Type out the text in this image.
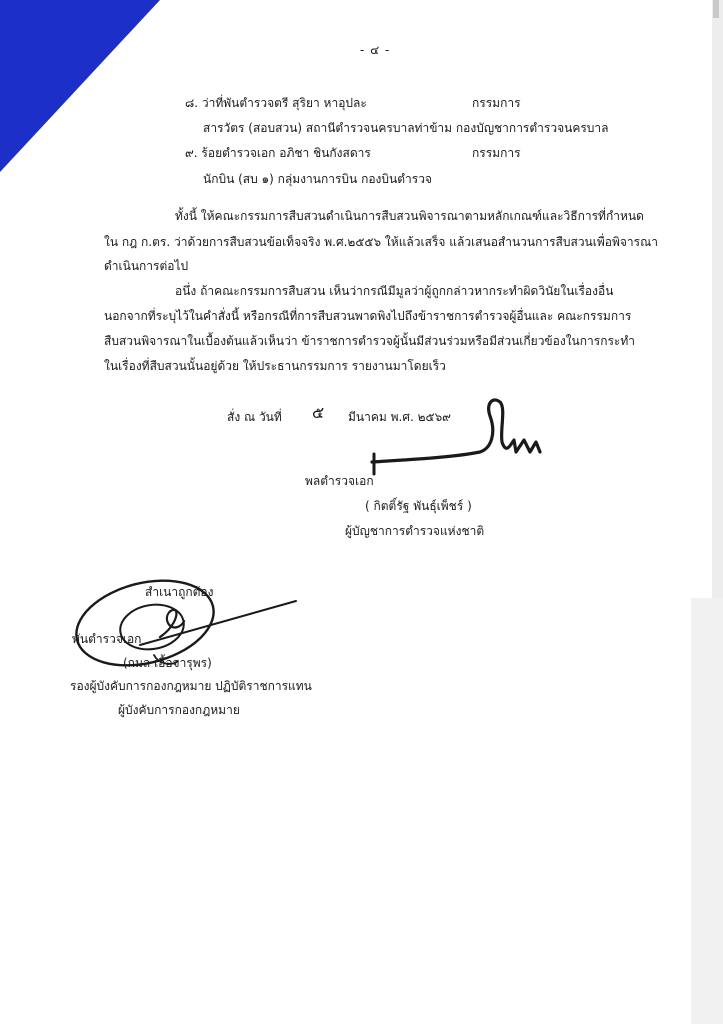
- ๔ -
๘. ว่าที่พันตำรวจตรี สุริยา หาอุปละ	กรรมการ
สารวัตร (สอบสวน) สถานีตำรวจนครบาลท่าข้าม กองบัญชาการตำรวจนครบาล
๙. ร้อยตำรวจเอก อภิชา ชินกังสดาร	กรรมการ
นักบิน (สบ ๑) กลุ่มงานการบิน กองบินตำรวจ
ทั้งนี้ ให้คณะกรรมการสืบสวนดำเนินการสืบสวนพิจารณาตามหลักเกณฑ์และวิธีการที่กำหนด
ใน กฎ ก.ตร. ว่าด้วยการสืบสวนข้อเท็จจริง พ.ศ.๒๕๕๖ ให้แล้วเสร็จ แล้วเสนอสำนวนการสืบสวนเพื่อพิจารณา
ดำเนินการต่อไป
อนึ่ง ถ้าคณะกรรมการสืบสวน เห็นว่ากรณีมีมูลว่าผู้ถูกกล่าวหากระทำผิดวินัยในเรื่องอื่น
นอกจากที่ระบุไว้ในคำสั่งนี้ หรือกรณีที่การสืบสวนพาดพิงไปถึงข้าราชการตำรวจผู้อื่นและ คณะกรรมการ
สืบสวนพิจารณาในเบื้องต้นแล้วเห็นว่า ข้าราชการตำรวจผู้นั้นมีส่วนร่วมหรือมีส่วนเกี่ยวข้องในการกระทำ
ในเรื่องที่สืบสวนนั้นอยู่ด้วย ให้ประธานกรรมการ รายงานมาโดยเร็ว
สั่ง ณ วันที่ ๕ มีนาคม พ.ศ. ๒๕๖๙
พลตำรวจเอก
( กิตติ์รัฐ พันธุ์เพ็ชร์ )
ผู้บัญชาการตำรวจแห่งชาติ
สำเนาถูกต้อง
พันตำรวจเอก
(กมล เอื้อจารุพร)
รองผู้บังคับการกองกฎหมาย ปฏิบัติราชการแทน
ผู้บังคับการกองกฎหมาย
